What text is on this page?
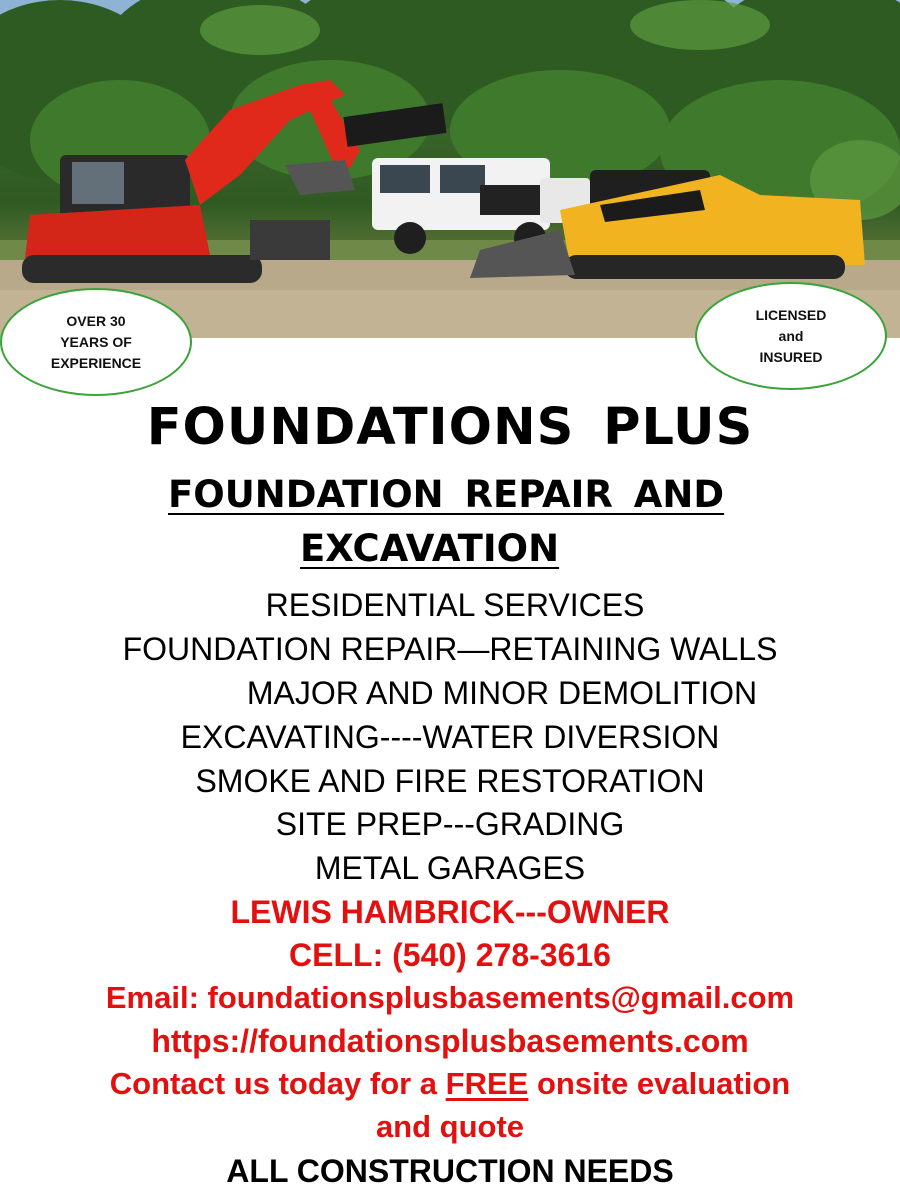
OVER 30
YEARS OF
EXPERIENCE
LICENSED
and
INSURED
FOUNDATIONS PLUS
FOUNDATION REPAIR AND
EXCAVATION
RESIDENTIAL SERVICES
FOUNDATION REPAIR—RETAINING WALLS
MAJOR AND MINOR DEMOLITION
EXCAVATING----WATER DIVERSION
SMOKE AND FIRE RESTORATION
SITE PREP---GRADING
METAL GARAGES
LEWIS HAMBRICK---OWNER
CELL: (540) 278-3616
Email: foundationsplusbasements@gmail.com
https://foundationsplusbasements.com
Contact us today for a FREE onsite evaluation
and quote
ALL CONSTRUCTION NEEDS
